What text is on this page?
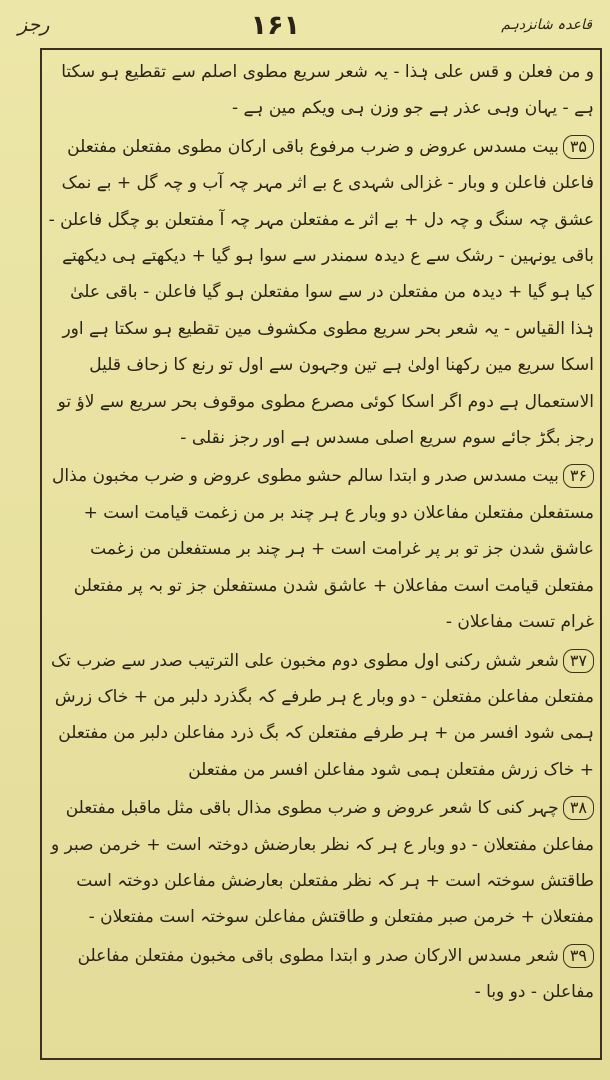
رجز	۱۶۱	قاعدہ شانزدہم

و من فعلن و قس علی ہٰذا - یہ شعر سریع مطوی اصلم سے تقطیع ہو سکتا ہے - یہان وہی عذر ہے جو وزن ہی ویکم مین ہے -

۳۵بیت مسدس عروض و ضرب مرفوع باقی ارکان مطوی مفتعلن مفتعلن فاعلن فاعلن و وبار - غزالی شہدی ع بے اثر مہر چہ آب و چہ گل + بے نمک عشق چہ سنگ و چہ دل + بے اثر ے مفتعلن مہر چہ آ مفتعلن بو چگل فاعلن - باقی یونہین - رشک سے ع دیدہ سمندر سے سوا ہو گیا + دیکھتے ہی دیکھتے کیا ہو گیا + دیدہ من مفتعلن در سے سوا مفتعلن ہو گیا فاعلن - باقی علیٰ ہٰذا القیاس - یہ شعر بحر سریع مطوی مکشوف مین تقطیع ہو سکتا ہے اور اسکا سریع مین رکھنا اولیٰ ہے تین وجہون سے اول تو رنع کا زحاف قلیل الاستعمال ہے دوم اگر اسکا کوئی مصرع مطوی موقوف بحر سریع سے لاؤ تو رجز بگڑ جائے سوم سریع اصلی مسدس ہے اور رجز نقلی -

۳۶بیت مسدس صدر و ابتدا سالم حشو مطوی عروض و ضرب مخبون مذال مستفعلن مفتعلن مفاعلان دو وبار ع ہر چند بر من زغمت قیامت است + عاشق شدن جز تو بر پر غرامت است + ہر چند بر مستفعلن من زغمت مفتعلن قیامت است مفاعلان + عاشق شدن مستفعلن جز تو بہ پر مفتعلن غرام تست مفاعلان -

۳۷شعر شش رکنی اول مطوی دوم مخبون علی الترتیب صدر سے ضرب تک مفتعلن مفاعلن مفتعلن - دو وبار ع ہر طرفے کہ بگذرد دلبر من + خاک زرش ہمی شود افسر من + ہر طرفے مفتعلن کہ بگ ذرد مفاعلن دلبر من مفتعلن + خاک زرش مفتعلن ہمی شود مفاعلن افسر من مفتعلن

۳۸چہر کنی کا شعر عروض و ضرب مطوی مذال باقی مثل ماقبل مفتعلن مفاعلن مفتعلان - دو وبار ع ہر کہ نظر بعارضش دوختہ است + خرمن صبر و طاقتش سوختہ است + ہر کہ نظر مفتعلن بعارضش مفاعلن دوختہ است مفتعلان + خرمن صبر مفتعلن و طاقتش مفاعلن سوختہ است مفتعلان -

۳۹شعر مسدس الارکان صدر و ابتدا مطوی باقی مخبون مفتعلن مفاعلن مفاعلن - دو وبا -
